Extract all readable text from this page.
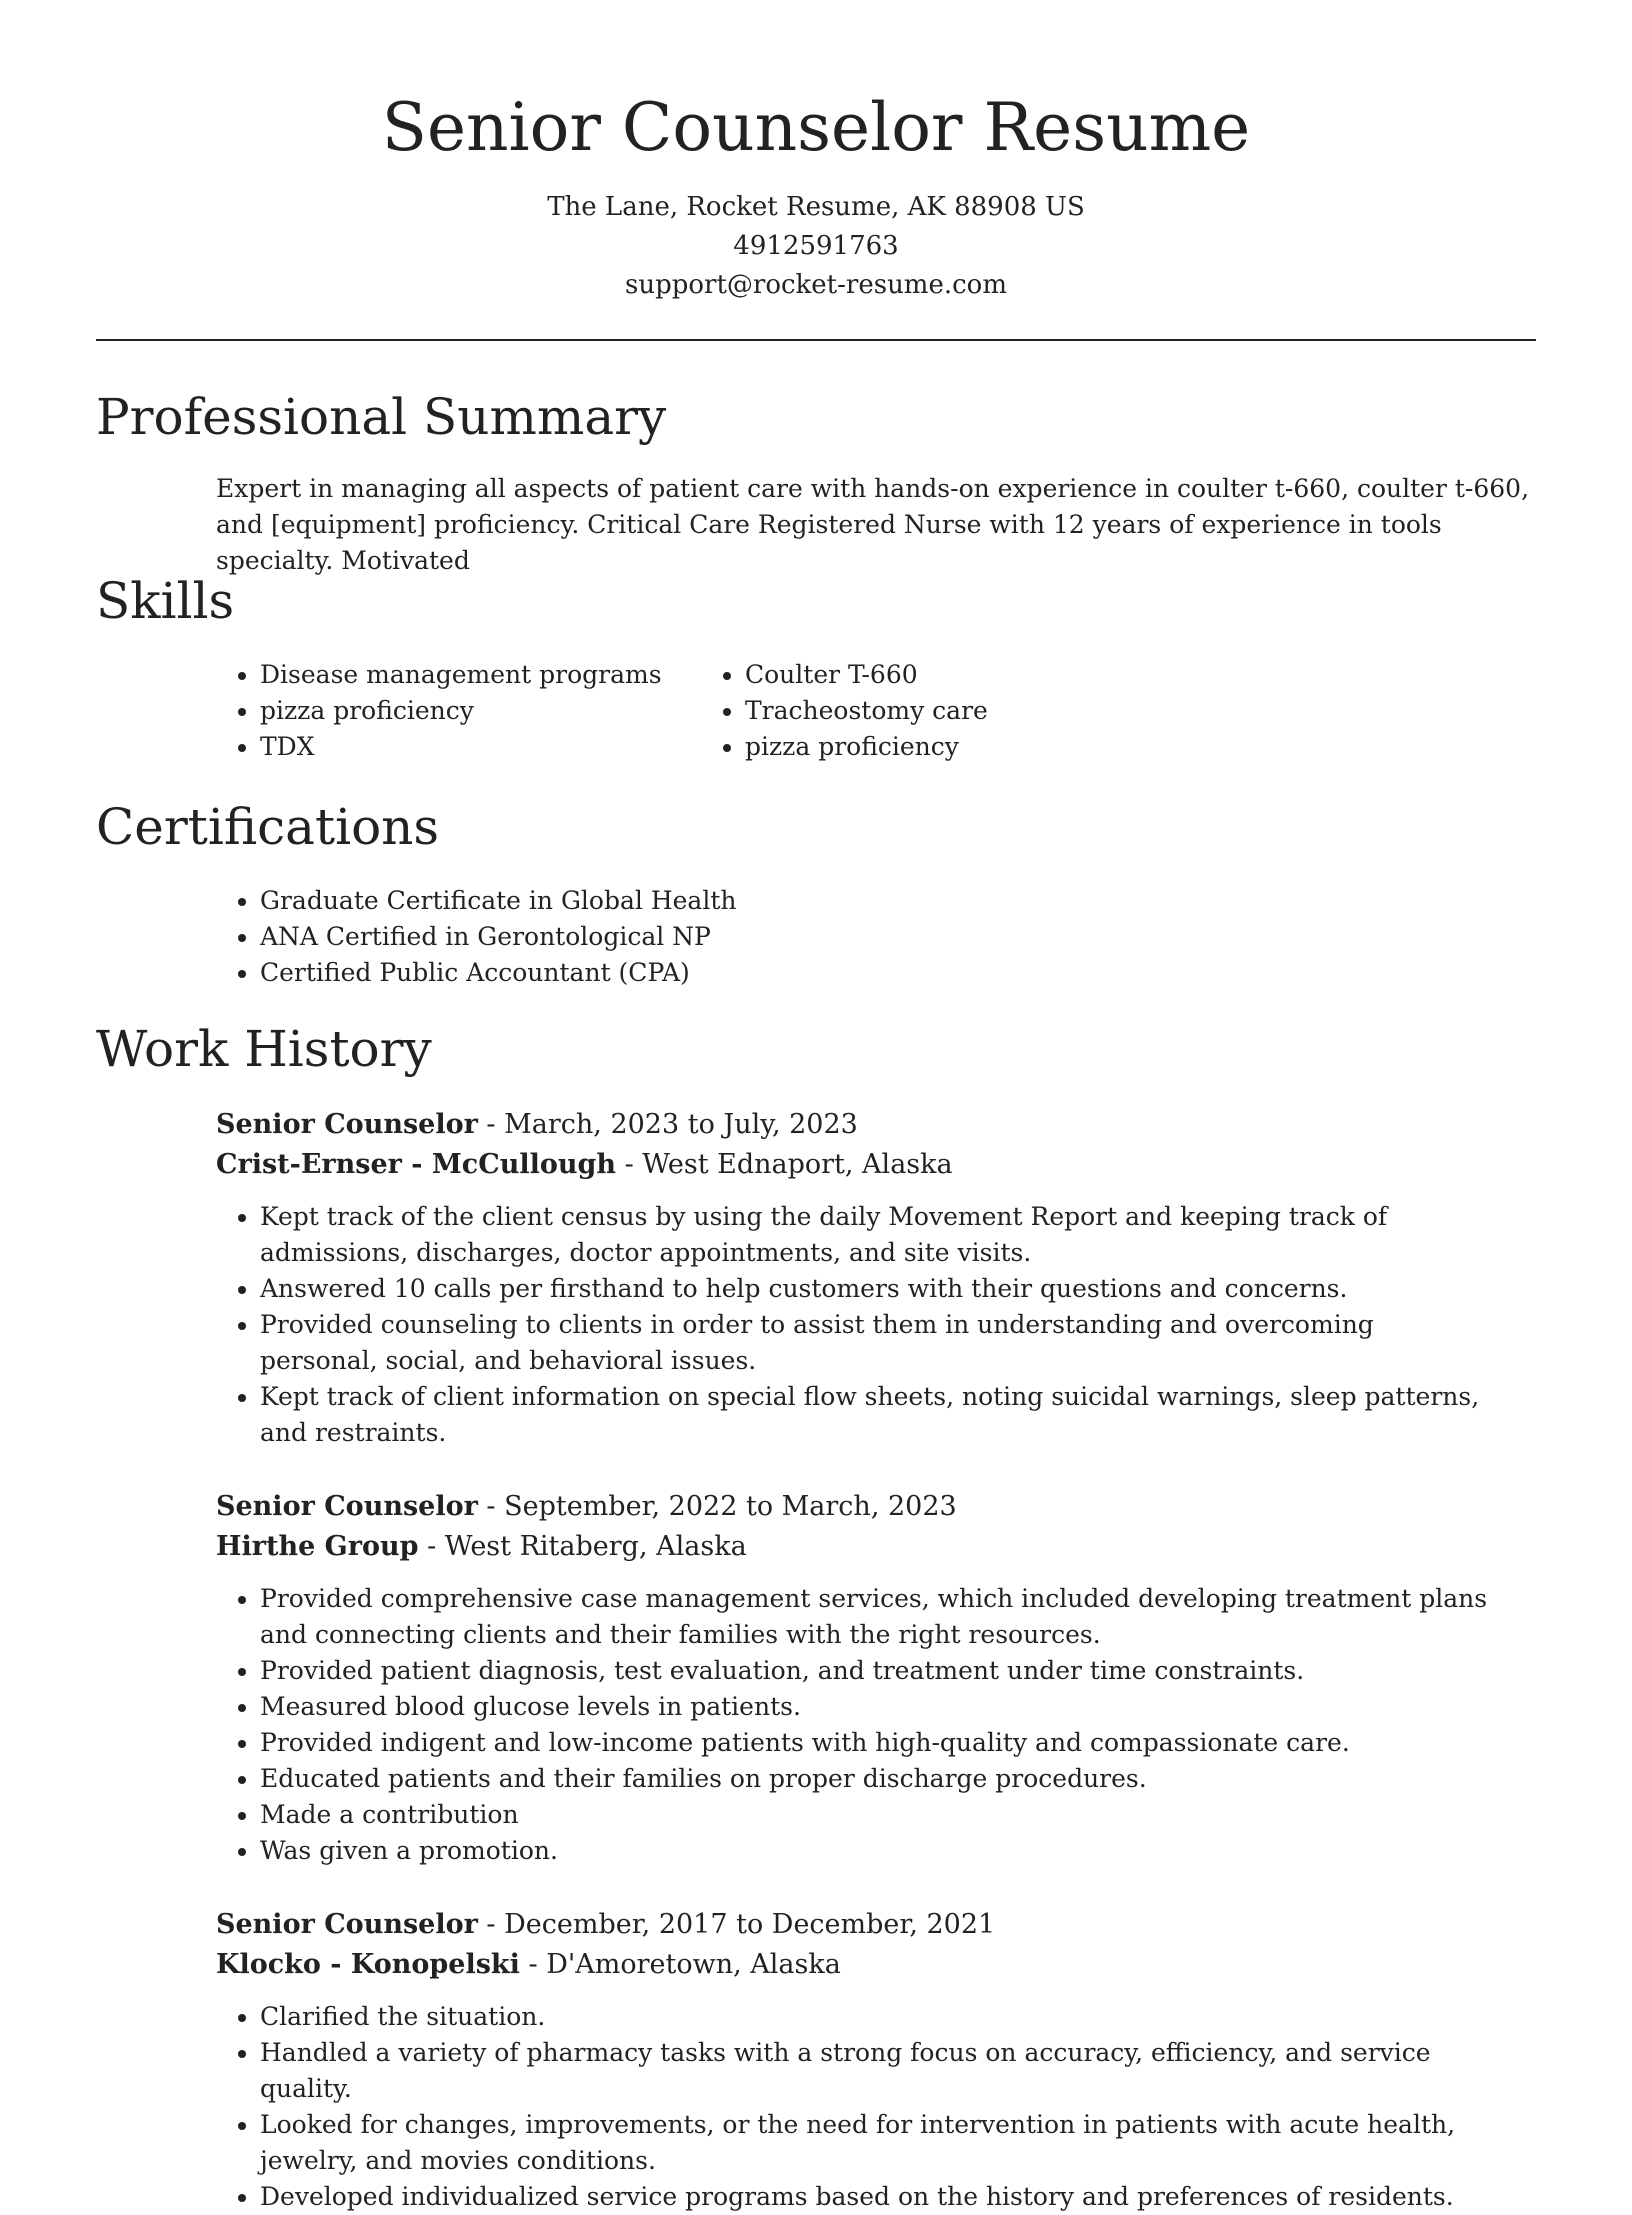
Senior Counselor Resume
The Lane, Rocket Resume, AK 88908 US
4912591763
support@rocket-resume.com
Professional Summary

Expert in managing all aspects of patient care with hands-on experience in coulter t-660, coulter t-660, and [equipment] proficiency. Critical Care Registered Nurse with 12 years of experience in tools specialty. Motivated

Skills
• Disease management programs
• pizza proficiency
• TDX
• Coulter T-660
• Tracheostomy care
• pizza proficiency
Certifications
• Graduate Certificate in Global Health
• ANA Certified in Gerontological NP
• Certified Public Accountant (CPA)
Work History
Senior Counselor - March, 2023 to July, 2023
Crist-Ernser - McCullough - West Ednaport, Alaska
• Kept track of the client census by using the daily Movement Report and keeping track of admissions, discharges, doctor appointments, and site visits.
• Answered 10 calls per firsthand to help customers with their questions and concerns.
• Provided counseling to clients in order to assist them in understanding and overcoming personal, social, and behavioral issues.
• Kept track of client information on special flow sheets, noting suicidal warnings, sleep patterns, and restraints.
Senior Counselor - September, 2022 to March, 2023
Hirthe Group - West Ritaberg, Alaska
• Provided comprehensive case management services, which included developing treatment plans and connecting clients and their families with the right resources.
• Provided patient diagnosis, test evaluation, and treatment under time constraints.
• Measured blood glucose levels in patients.
• Provided indigent and low-income patients with high-quality and compassionate care.
• Educated patients and their families on proper discharge procedures.
• Made a contribution
• Was given a promotion.
Senior Counselor - December, 2017 to December, 2021
Klocko - Konopelski - D'Amoretown, Alaska
• Clarified the situation.
• Handled a variety of pharmacy tasks with a strong focus on accuracy, efficiency, and service quality.
• Looked for changes, improvements, or the need for intervention in patients with acute health, jewelry, and movies conditions.
• Developed individualized service programs based on the history and preferences of residents.
